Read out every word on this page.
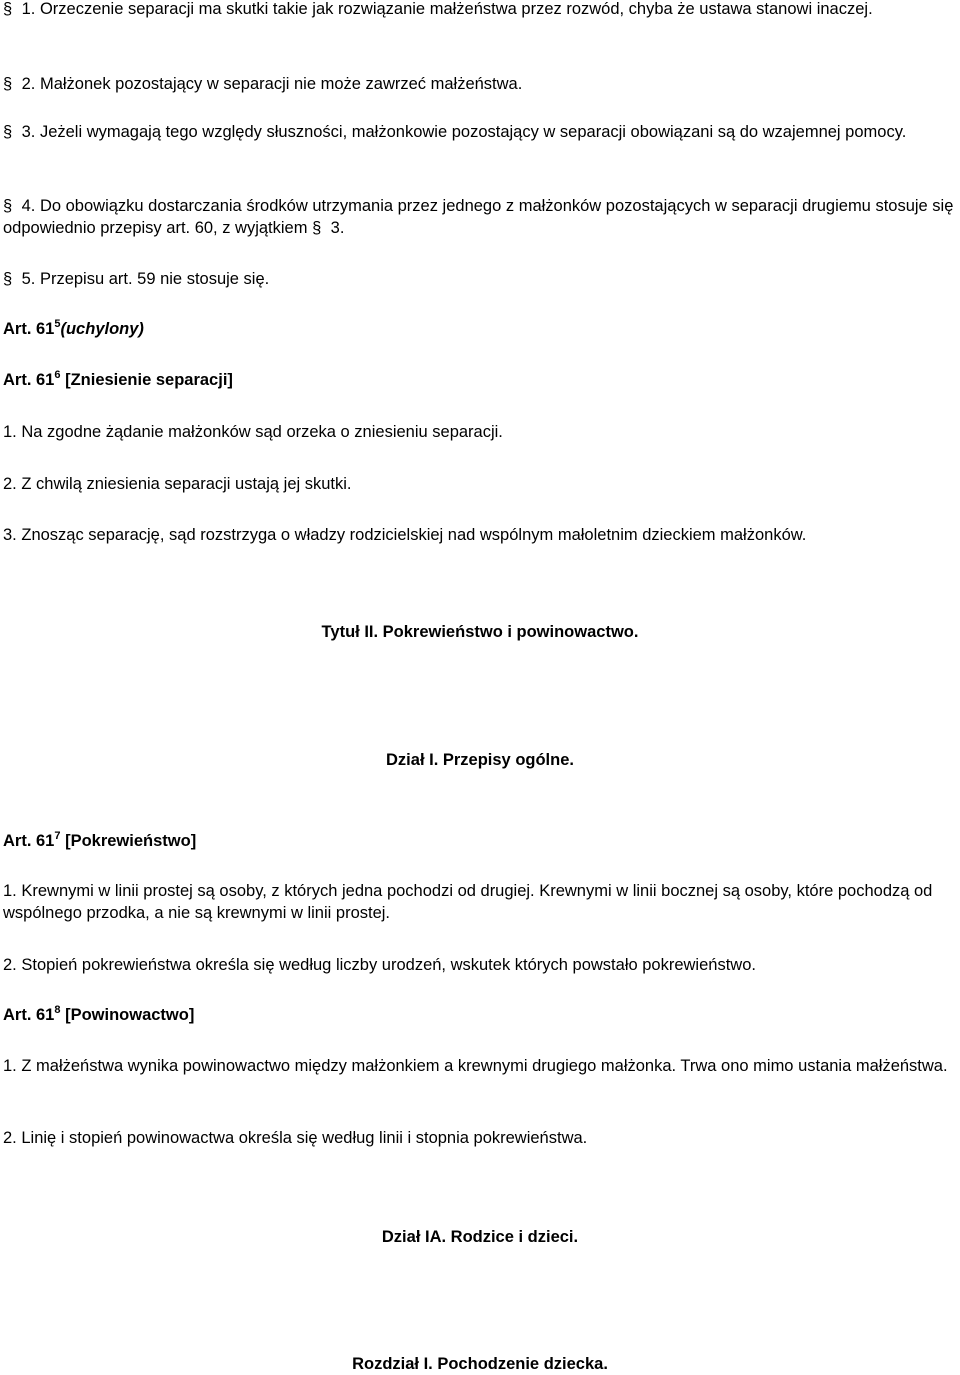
§ 1. Orzeczenie separacji ma skutki takie jak rozwiązanie małżeństwa przez rozwód, chyba że ustawa stanowi inaczej.

§ 2. Małżonek pozostający w separacji nie może zawrzeć małżeństwa.

§ 3. Jeżeli wymagają tego względy słuszności, małżonkowie pozostający w separacji obowiązani są do wzajemnej pomocy.

§ 4. Do obowiązku dostarczania środków utrzymania przez jednego z małżonków pozostających w separacji drugiemu stosuje się odpowiednio przepisy art. 60, z wyjątkiem § 3.

§ 5. Przepisu art. 59 nie stosuje się.

Art. $61^5(uchylony)$

Art. $61^6$ [Zniesienie separacji]

1. Na zgodne żądanie małżonków sąd orzeka o zniesieniu separacji.

2. Z chwilą zniesienia separacji ustają jej skutki.

3. Znosząc separację, sąd rozstrzyga o władzy rodzicielskiej nad wspólnym małoletnim dzieckiem małżonków.

Tytuł II. Pokrewieństwo i powinowactwo.

Dział I. Przepisy ogólne.

Art. $61^7$ [Pokrewieństwo]

1. Krewnymi w linii prostej są osoby, z których jedna pochodzi od drugiej. Krewnymi w linii bocznej są osoby, które pochodzą od wspólnego przodka, a nie są krewnymi w linii prostej.

2. Stopień pokrewieństwa określa się według liczby urodzeń, wskutek których powstało pokrewieństwo.

Art. $61^8$ [Powinowactwo]

1. Z małżeństwa wynika powinowactwo między małżonkiem a krewnymi drugiego małżonka. Trwa ono mimo ustania małżeństwa.

2. Linię i stopień powinowactwa określa się według linii i stopnia pokrewieństwa.

Dział IA. Rodzice i dzieci.

Rozdział I. Pochodzenie dziecka.
